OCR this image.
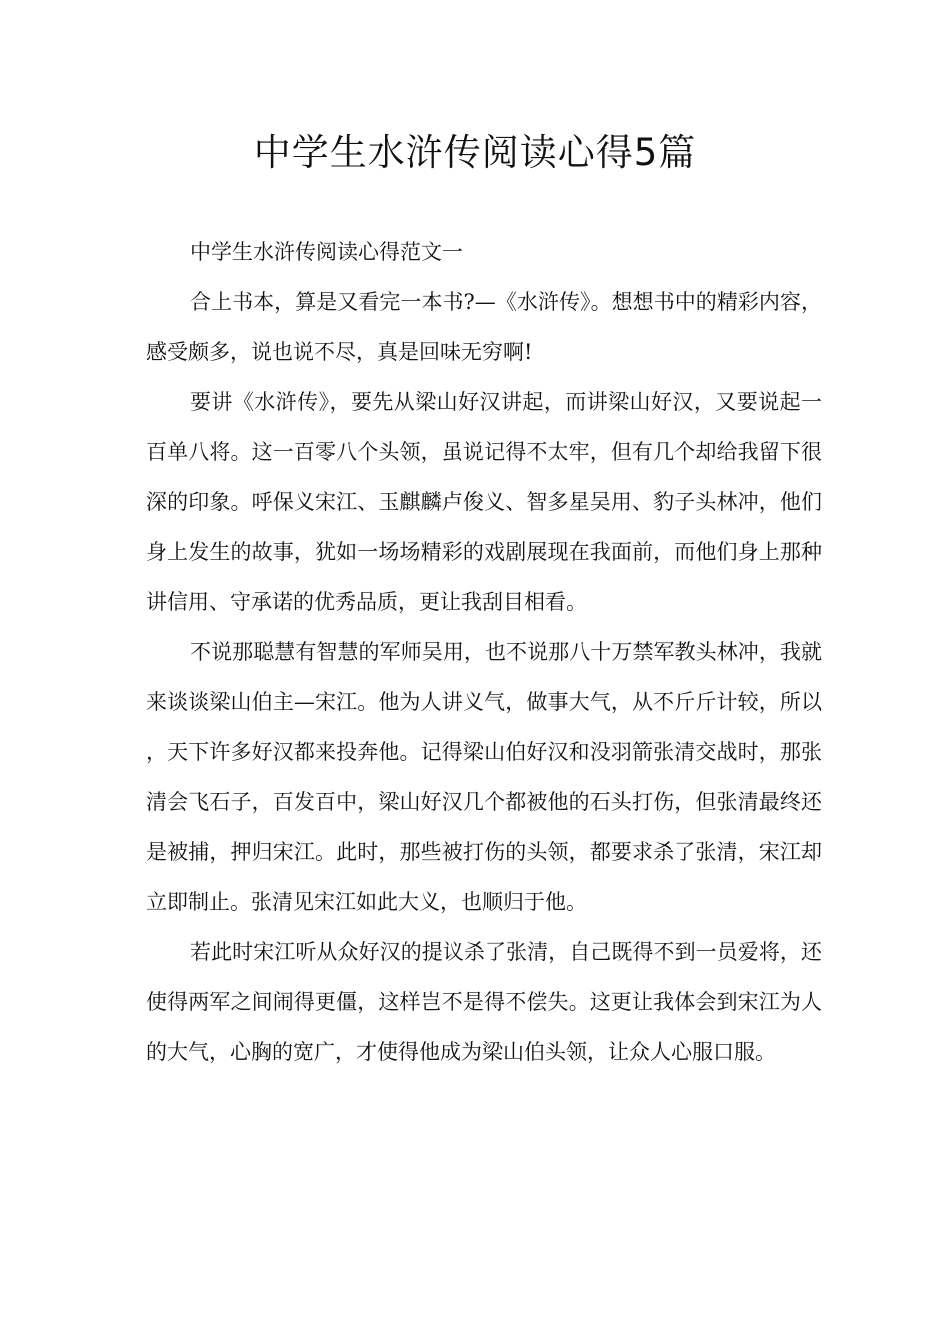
中学生水浒传阅读心得5篇

中学生水浒传阅读心得范文一

合上书本，算是又看完一本书?—《水浒传》。想想书中的精彩内容，感受颇多，说也说不尽，真是回味无穷啊!

要讲《水浒传》，要先从梁山好汉讲起，而讲梁山好汉，又要说起一百单八将。这一百零八个头领，虽说记得不太牢，但有几个却给我留下很深的印象。呼保义宋江、玉麒麟卢俊义、智多星吴用、豹子头林冲，他们身上发生的故事，犹如一场场精彩的戏剧展现在我面前，而他们身上那种讲信用、守承诺的优秀品质，更让我刮目相看。

不说那聪慧有智慧的军师吴用，也不说那八十万禁军教头林冲，我就来谈谈梁山伯主—宋江。他为人讲义气，做事大气，从不斤斤计较，所以，天下许多好汉都来投奔他。记得梁山伯好汉和没羽箭张清交战时，那张清会飞石子，百发百中，梁山好汉几个都被他的石头打伤，但张清最终还是被捕，押归宋江。此时，那些被打伤的头领，都要求杀了张清，宋江却立即制止。张清见宋江如此大义，也顺归于他。

若此时宋江听从众好汉的提议杀了张清，自己既得不到一员爱将，还使得两军之间闹得更僵，这样岂不是得不偿失。这更让我体会到宋江为人的大气，心胸的宽广，才使得他成为梁山伯头领，让众人心服口服。
